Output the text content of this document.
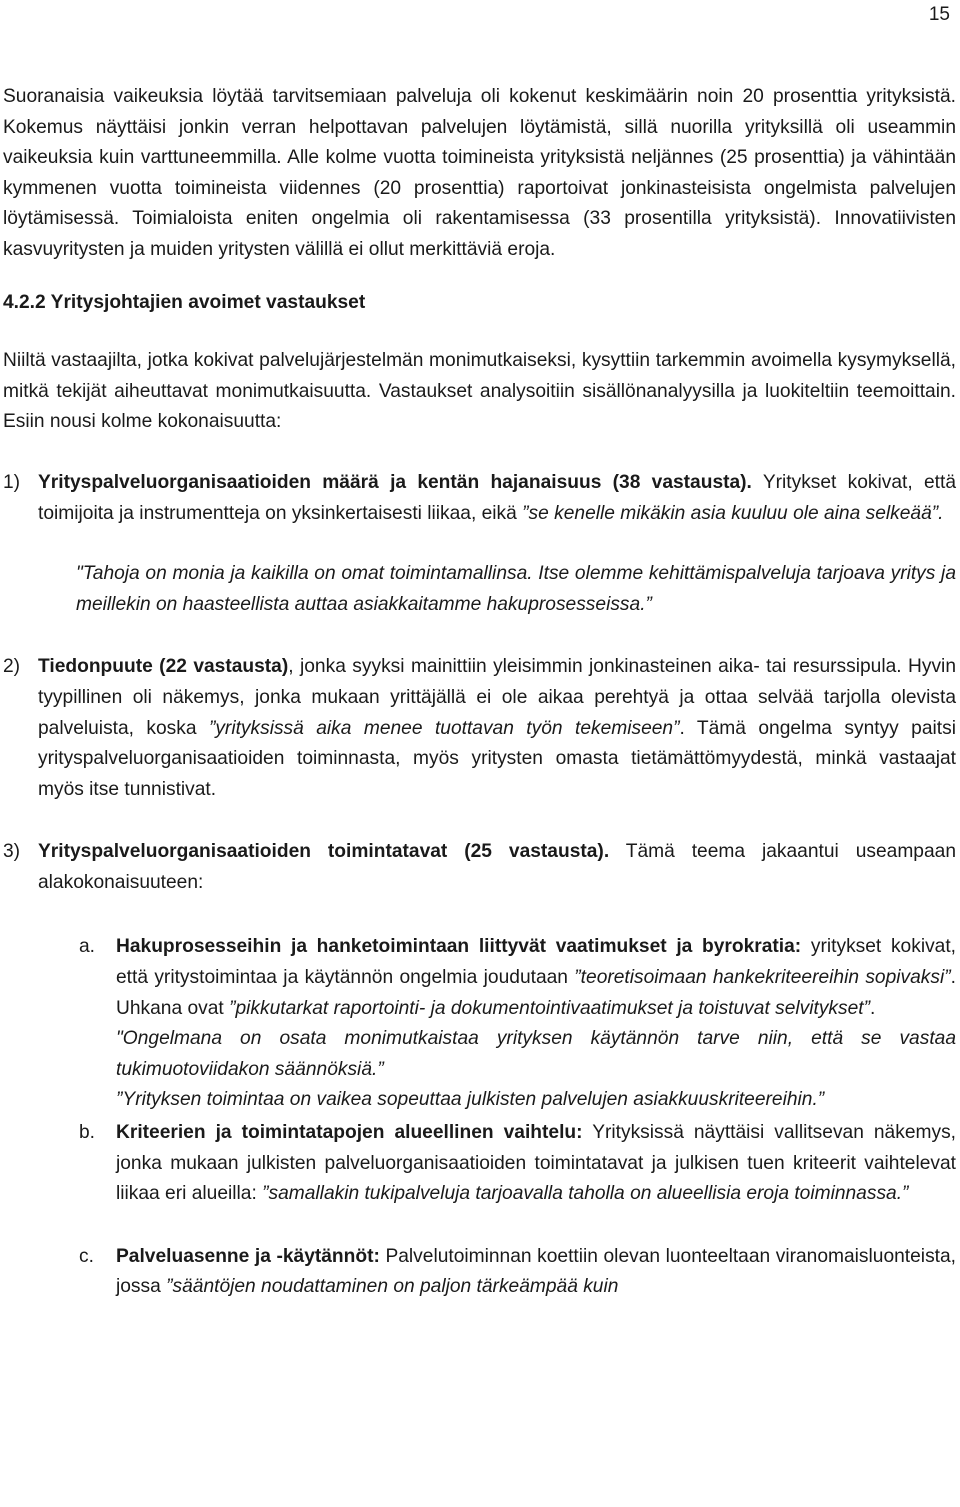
15

Suoranaisia vaikeuksia löytää tarvitsemiaan palveluja oli kokenut keskimäärin noin 20 prosenttia yrityksistä. Kokemus näyttäisi jonkin verran helpottavan palvelujen löytämistä, sillä nuorilla yrityksillä oli useammin vaikeuksia kuin varttuneemmilla. Alle kolme vuotta toimineista yrityksistä neljännes (25 prosenttia) ja vähintään kymmenen vuotta toimineista viidennes (20 prosenttia) raportoivat jonkinasteisista ongelmista palvelujen löytämisessä. Toimialoista eniten ongelmia oli rakentamisessa (33 prosentilla yrityksistä). Innovatiivisten kasvuyritysten ja muiden yritysten välillä ei ollut merkittäviä eroja.

4.2.2 Yritysjohtajien avoimet vastaukset

Niiltä vastaajilta, jotka kokivat palvelujärjestelmän monimutkaiseksi, kysyttiin tarkemmin avoimella kysymyksellä, mitkä tekijät aiheuttavat monimutkaisuutta. Vastaukset analysoitiin sisällönanalyysilla ja luokiteltiin teemoittain. Esiin nousi kolme kokonaisuutta:

1) Yrityspalveluorganisaatioiden määrä ja kentän hajanaisuus (38 vastausta). Yritykset kokivat, että toimijoita ja instrumentteja on yksinkertaisesti liikaa, eikä ”se kenelle mikäkin asia kuuluu ole aina selkeää”.
"Tahoja on monia ja kaikilla on omat toimintamallinsa. Itse olemme kehittämispalveluja tarjoava yritys ja meillekin on haasteellista auttaa asiakkaitamme hakuprosesseissa.”
2) Tiedonpuute (22 vastausta), jonka syyksi mainittiin yleisimmin jonkinasteinen aika- tai resurssipula. Hyvin tyypillinen oli näkemys, jonka mukaan yrittäjällä ei ole aikaa perehtyä ja ottaa selvää tarjolla olevista palveluista, koska ”yrityksissä aika menee tuottavan työn tekemiseen”. Tämä ongelma syntyy paitsi yrityspalveluorganisaatioiden toiminnasta, myös yritysten omasta tietämättömyydestä, minkä vastaajat myös itse tunnistivat.
3) Yrityspalveluorganisaatioiden toimintatavat (25 vastausta). Tämä teema jakaantui useampaan alakokonaisuuteen:
a.	Hakuprosesseihin ja hanketoimintaan liittyvät vaatimukset ja byrokratia: yritykset kokivat, että yritystoimintaa ja käytännön ongelmia joudutaan ”teoretisoimaan hankekriteereihin sopivaksi”. Uhkana ovat ”pikkutarkat raportointi- ja dokumentointivaatimukset ja toistuvat selvitykset”.
"Ongelmana on osata monimutkaistaa yrityksen käytännön tarve niin, että se vastaa tukimuotoviidakon säännöksiä.”
”Yrityksen toimintaa on vaikea sopeuttaa julkisten palvelujen asiakkuuskriteereihin.”
b.	Kriteerien ja toimintatapojen alueellinen vaihtelu: Yrityksissä näyttäisi vallitsevan näkemys, jonka mukaan julkisten palveluorganisaatioiden toimintatavat ja julkisen tuen kriteerit vaihtelevat liikaa eri alueilla: ”samallakin tukipalveluja tarjoavalla taholla on alueellisia eroja toiminnassa.”
c.	Palveluasenne ja -käytännöt: Palvelutoiminnan koettiin olevan luonteeltaan viranomaisluonteista, jossa ”sääntöjen noudattaminen on paljon tärkeämpää kuin
